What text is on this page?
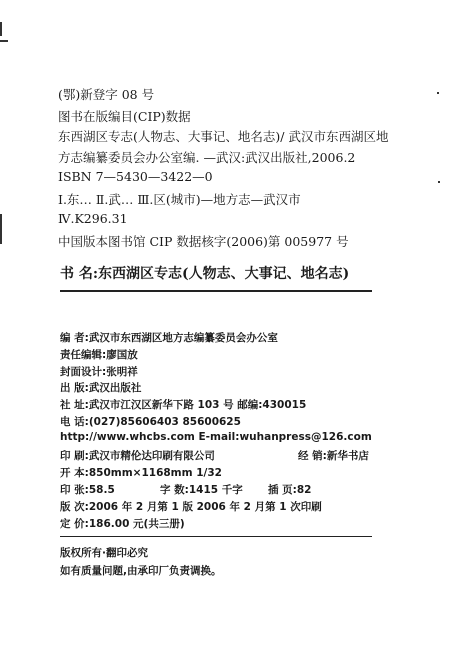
(鄂)新登字 08 号
图书在版编目(CIP)数据
东西湖区专志(人物志、大事记、地名志)/ 武汉市东西湖区地
方志编纂委员会办公室编. —武汉:武汉出版社,2006.2
ISBN 7—5430—3422—0
Ⅰ.东… Ⅱ.武… Ⅲ.区(城市)—地方志—武汉市
Ⅳ.K296.31
中国版本图书馆 CIP 数据核字(2006)第 005977 号
书 名:东西湖区专志(人物志、大事记、地名志)
编 者:武汉市东西湖区地方志编纂委员会办公室
责任编辑:廖国放
封面设计:张明祥
出 版:武汉出版社
社 址:武汉市江汉区新华下路 103 号 邮编:430015
电 话:(027)85606403 85600625
http://www.whcbs.com E-mail:wuhanpress@126.com
印 刷:武汉市精伦达印刷有限公司	经 销:新华书店
开 本:850mm×1168mm 1/32
印 张:58.5	字 数:1415 千字 插 页:82
版 次:2006 年 2 月第 1 版 2006 年 2 月第 1 次印刷
定 价:186.00 元(共三册)
版权所有·翻印必究
如有质量问题,由承印厂负责调换。
